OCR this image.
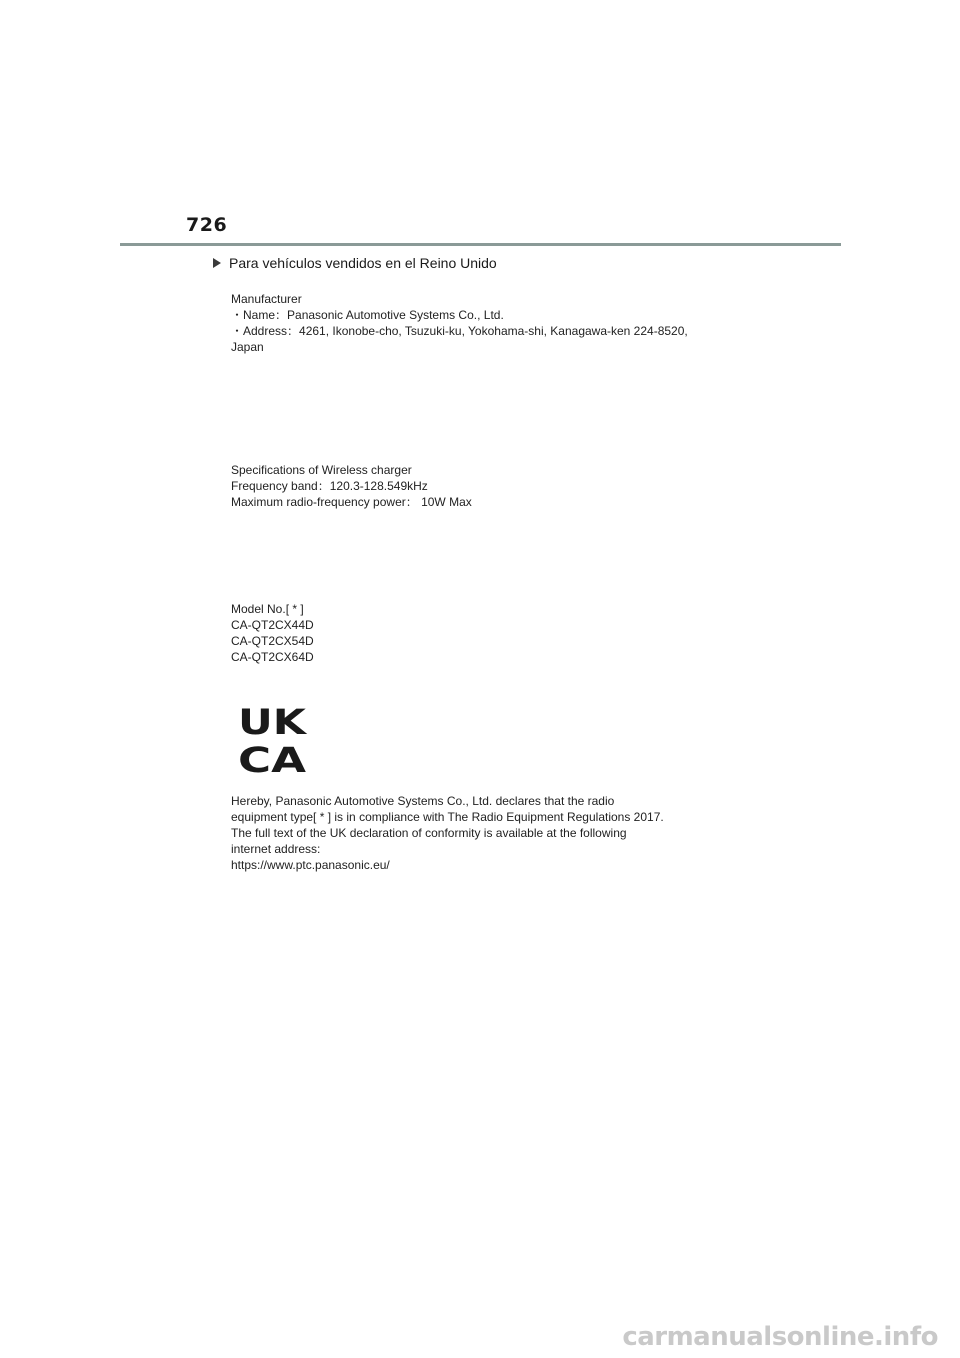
726
Para vehículos vendidos en el Reino Unido
Manufacturer
・Name：Panasonic Automotive Systems Co., Ltd.
・Address：4261, Ikonobe-cho, Tsuzuki-ku, Yokohama-shi, Kanagawa-ken 224-8520,
Japan
Specifications of Wireless charger
Frequency band：120.3-128.549kHz
Maximum radio-frequency power： 10W Max
Model No.[ * ]
CA-QT2CX44D
CA-QT2CX54D
CA-QT2CX64D
UK
CA
Hereby, Panasonic Automotive Systems Co., Ltd. declares that the radio
equipment type[ * ] is in compliance with The Radio Equipment Regulations 2017.
The full text of the UK declaration of conformity is available at the following
internet address:
https://www.ptc.panasonic.eu/
carmanualsonline.info
